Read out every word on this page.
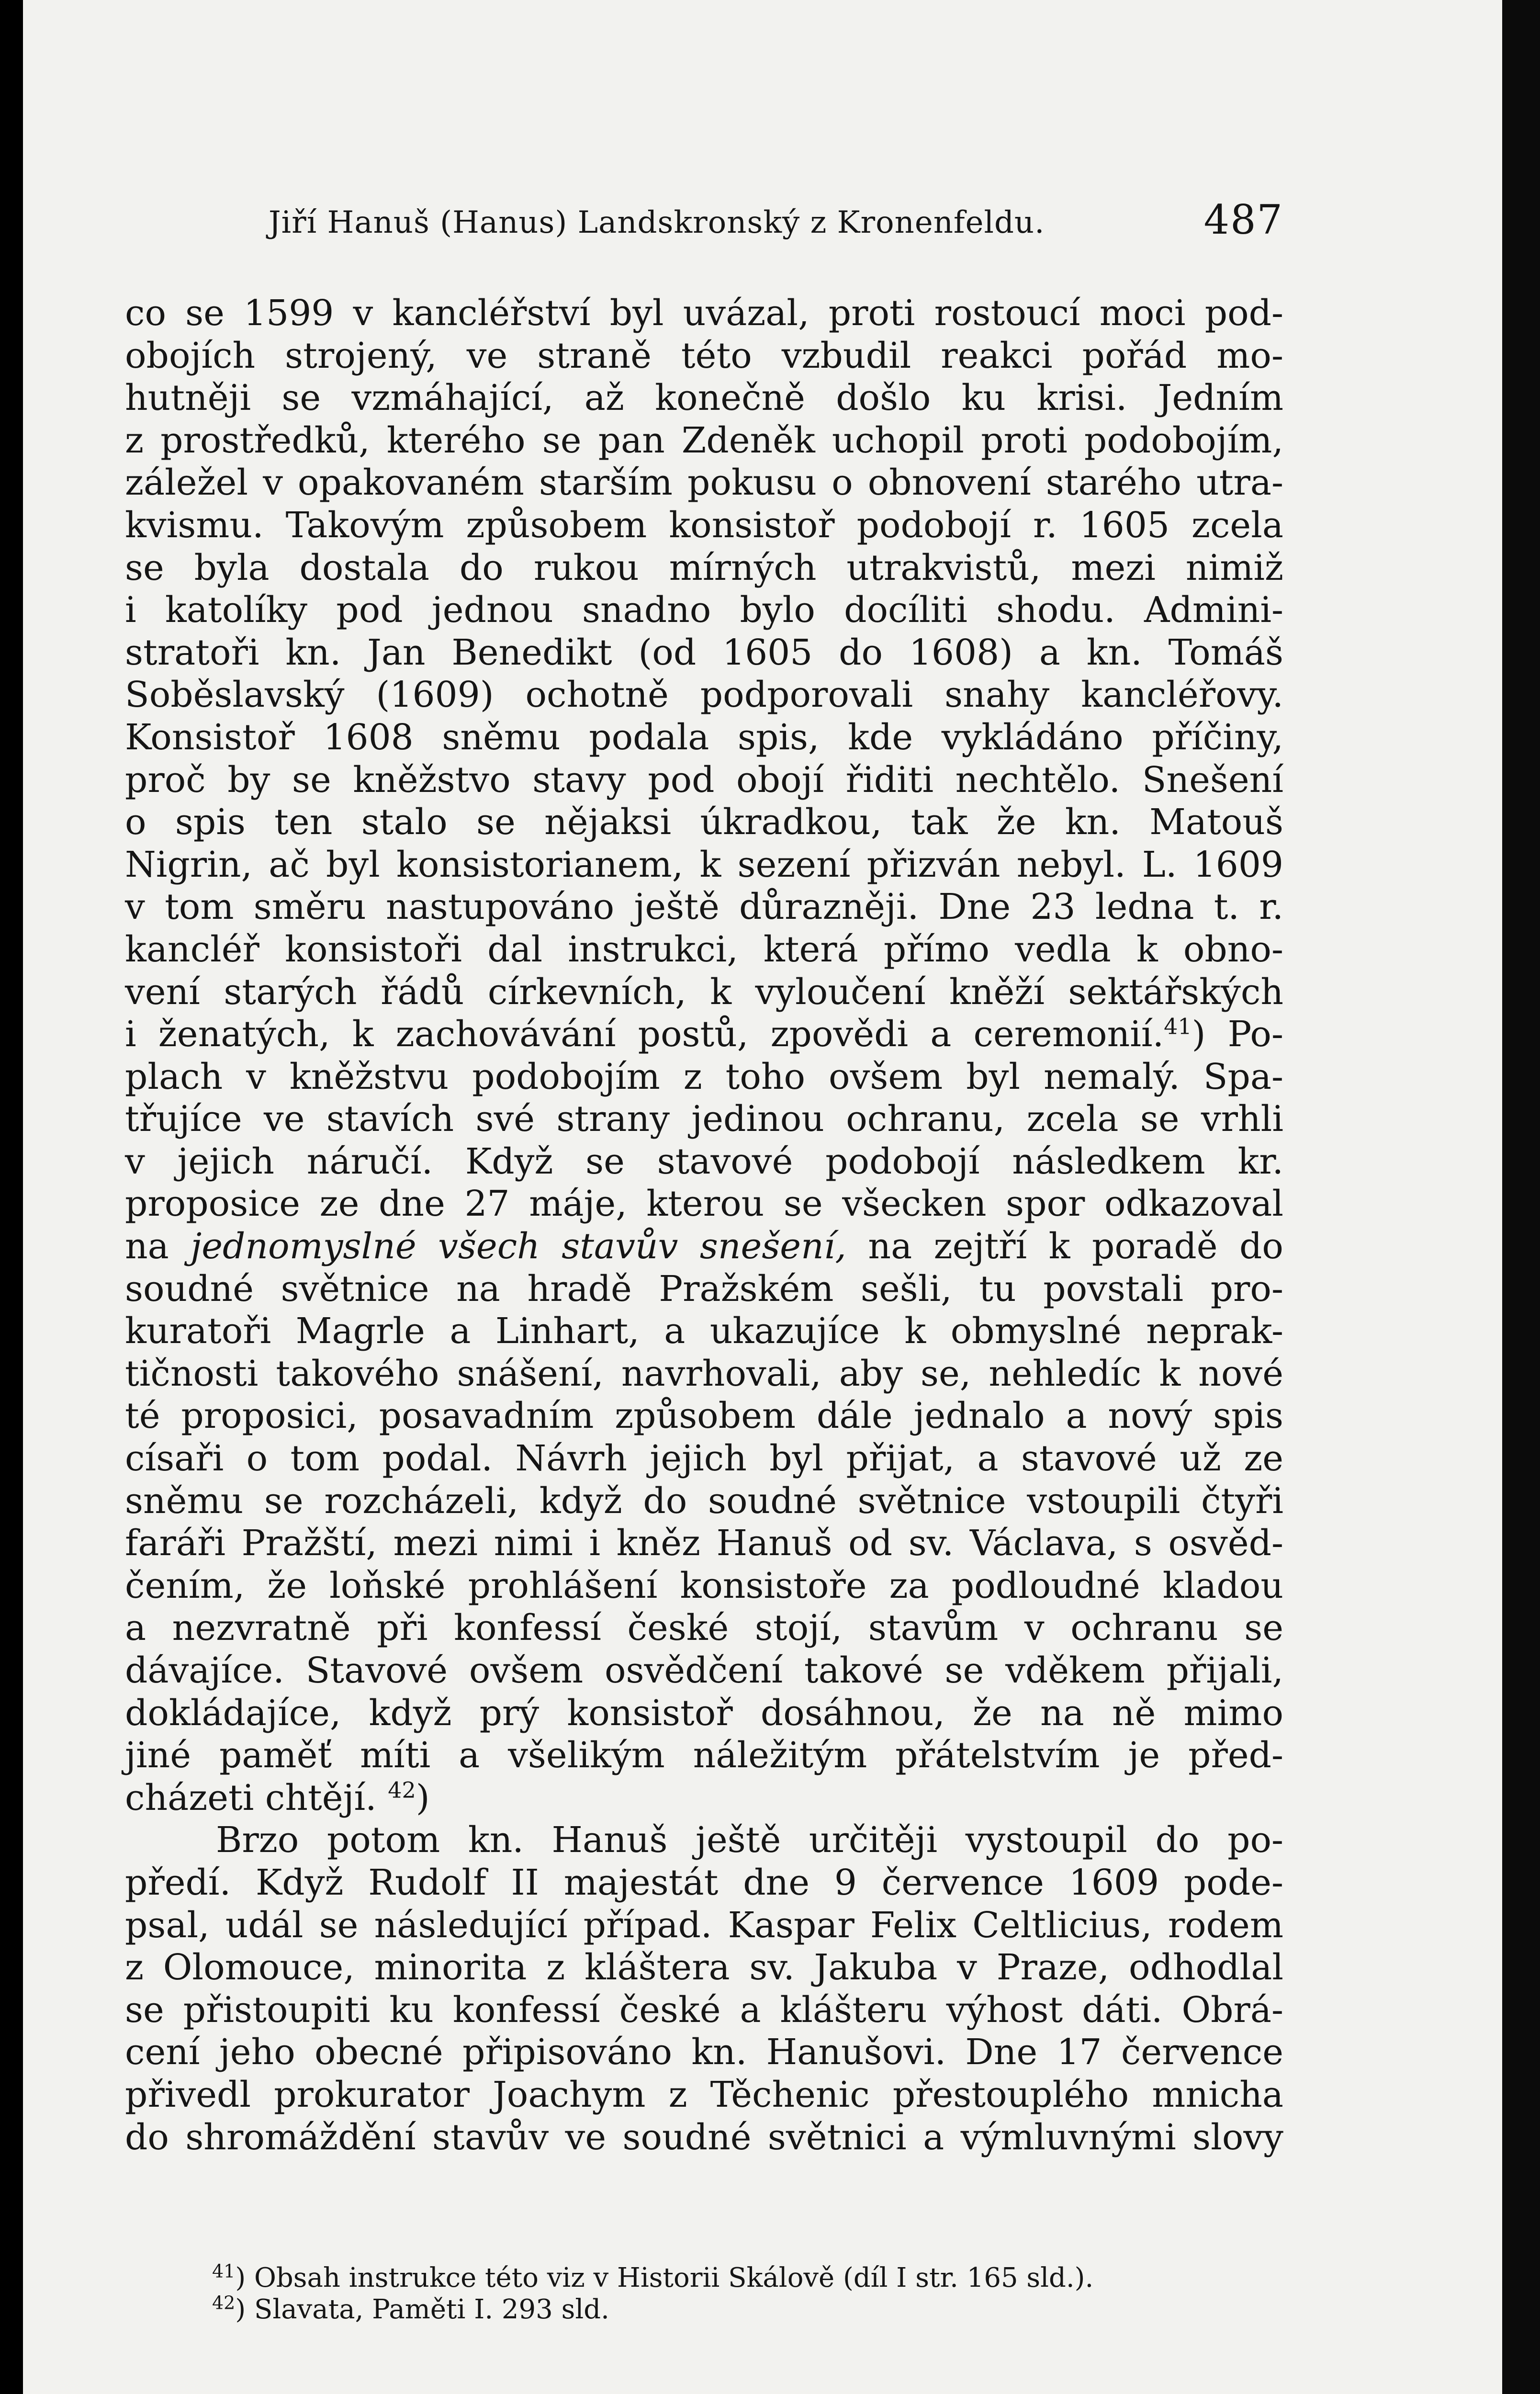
Jiří Hanuš (Hanus) Landskronský z Kronenfeldu.	487
co se 1599 v kancléřství byl uvázal, proti rostoucí moci pod-
obojích strojený, ve straně této vzbudil reakci pořád mo-
hutněji se vzmáhající, až konečně došlo ku krisi. Jedním
z prostředků, kterého se pan Zdeněk uchopil proti podobojím,
záležel v opakovaném starším pokusu o obnovení starého utra-
kvismu. Takovým způsobem konsistoř podobojí r. 1605 zcela
se byla dostala do rukou mírných utrakvistů, mezi nimiž
i katolíky pod jednou snadno bylo docíliti shodu. Admini-
stratoři kn. Jan Benedikt (od 1605 do 1608) a kn. Tomáš
Soběslavský (1609) ochotně podporovali snahy kancléřovy.
Konsistoř 1608 sněmu podala spis, kde vykládáno příčiny,
proč by se kněžstvo stavy pod obojí řiditi nechtělo. Snešení
o spis ten stalo se nějaksi úkradkou, tak že kn. Matouš
Nigrin, ač byl konsistorianem, k sezení přizván nebyl. L. 1609
v tom směru nastupováno ještě důrazněji. Dne 23 ledna t. r.
kancléř konsistoři dal instrukci, která přímo vedla k obno-
vení starých řádů církevních, k vyloučení kněží sektářských
i ženatých, k zachovávání postů, zpovědi a ceremonií.$^{41}$) Po-
plach v kněžstvu podobojím z toho ovšem byl nemalý. Spa-
třujíce ve stavích své strany jedinou ochranu, zcela se vrhli
v jejich náručí. Když se stavové podobojí následkem kr.
proposice ze dne 27 máje, kterou se všecken spor odkazoval
na jednomyslné všech stavův snešení, na zejtří k poradě do
soudné světnice na hradě Pražském sešli, tu povstali pro-
kuratoři Magrle a Linhart, a ukazujíce k obmyslné neprak-
tičnosti takového snášení, navrhovali, aby se, nehledíc k nové
té proposici, posavadním způsobem dále jednalo a nový spis
císaři o tom podal. Návrh jejich byl přijat, a stavové už ze
sněmu se rozcházeli, když do soudné světnice vstoupili čtyři
faráři Pražští, mezi nimi i kněz Hanuš od sv. Václava, s osvěd-
čením, že loňské prohlášení konsistoře za podloudné kladou
a nezvratně při konfessí české stojí, stavům v ochranu se
dávajíce. Stavové ovšem osvědčení takové se vděkem přijali,
dokládajíce, když prý konsistoř dosáhnou, že na ně mimo
jiné paměť míti a všelikým náležitým přátelstvím je před-
cházeti chtějí. $^{42}$)
Brzo potom kn. Hanuš ještě určitěji vystoupil do po-
předí. Když Rudolf II majestát dne 9 července 1609 pode-
psal, udál se následující případ. Kaspar Felix Celtlicius, rodem
z Olomouce, minorita z kláštera sv. Jakuba v Praze, odhodlal
se přistoupiti ku konfessí české a klášteru výhost dáti. Obrá-
cení jeho obecné připisováno kn. Hanušovi. Dne 17 července
přivedl prokurator Joachym z Těchenic přestouplého mnicha
do shromáždění stavův ve soudné světnici a výmluvnými slovy
$^{41}$) Obsah instrukce této viz v Historii Skálově (díl I str. 165 sld.).
$^{42}$) Slavata, Paměti I. 293 sld.
